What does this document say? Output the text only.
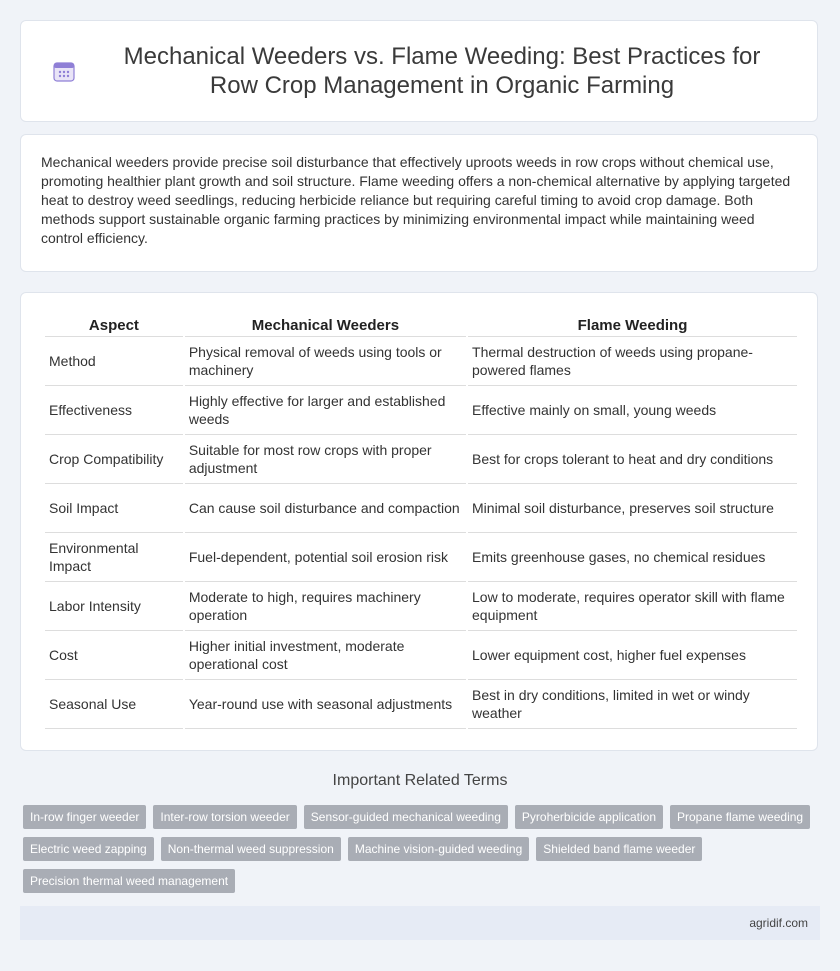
Mechanical Weeders vs. Flame Weeding: Best Practices for Row Crop Management in Organic Farming

Mechanical weeders provide precise soil disturbance that effectively uproots weeds in row crops without chemical use, promoting healthier plant growth and soil structure. Flame weeding offers a non-chemical alternative by applying targeted heat to destroy weed seedlings, reducing herbicide reliance but requiring careful timing to avoid crop damage. Both methods support sustainable organic farming practices by minimizing environmental impact while maintaining weed control efficiency.

Aspect	Mechanical Weeders	Flame Weeding
Method	Physical removal of weeds using tools or machinery	Thermal destruction of weeds using propane-powered flames
Effectiveness	Highly effective for larger and established weeds	Effective mainly on small, young weeds
Crop Compatibility	Suitable for most row crops with proper adjustment	Best for crops tolerant to heat and dry conditions
Soil Impact	Can cause soil disturbance and compaction	Minimal soil disturbance, preserves soil structure
Environmental Impact	Fuel-dependent, potential soil erosion risk	Emits greenhouse gases, no chemical residues
Labor Intensity	Moderate to high, requires machinery operation	Low to moderate, requires operator skill with flame equipment
Cost	Higher initial investment, moderate operational cost	Lower equipment cost, higher fuel expenses
Seasonal Use	Year-round use with seasonal adjustments	Best in dry conditions, limited in wet or windy weather
Important Related Terms
In-row finger weeder	Inter-row torsion weeder	Sensor-guided mechanical weeding	Pyroherbicide application	Propane flame weeding
Electric weed zapping	Non-thermal weed suppression	Machine vision-guided weeding	Shielded band flame weeder
Precision thermal weed management
agridif.com
